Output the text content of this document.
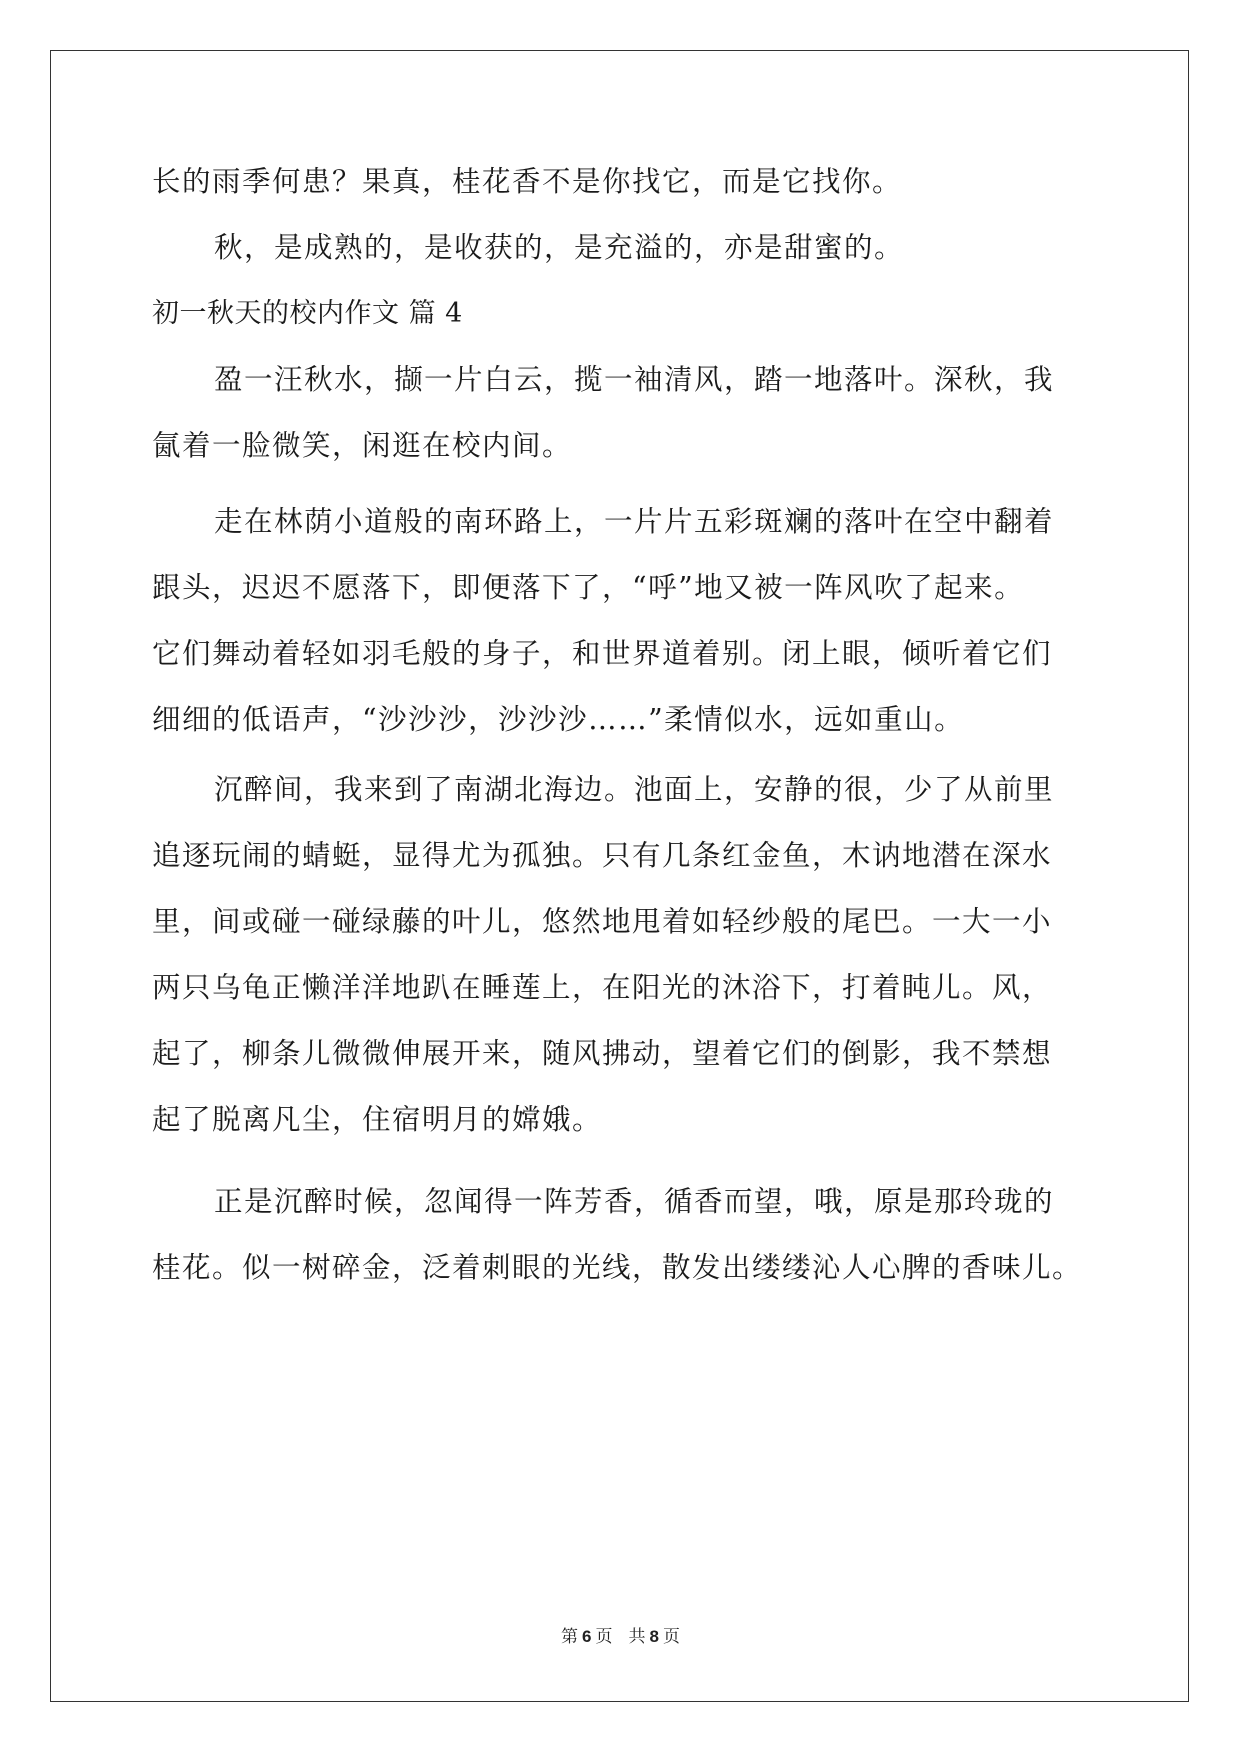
长的雨季何患？果真，桂花香不是你找它，而是它找你。
秋，是成熟的，是收获的，是充溢的，亦是甜蜜的。
初一秋天的校内作文 篇 4
盈一汪秋水，撷一片白云，揽一袖清风，踏一地落叶。深秋，我
氤着一脸微笑，闲逛在校内间。
走在林荫小道般的南环路上，一片片五彩斑斓的落叶在空中翻着
跟头，迟迟不愿落下，即便落下了，“呼”地又被一阵风吹了起来。
它们舞动着轻如羽毛般的身子，和世界道着别。闭上眼，倾听着它们
细细的低语声，“沙沙沙，沙沙沙……”柔情似水，远如重山。
沉醉间，我来到了南湖北海边。池面上，安静的很，少了从前里
追逐玩闹的蜻蜓，显得尤为孤独。只有几条红金鱼，木讷地潜在深水
里，间或碰一碰绿藤的叶儿，悠然地甩着如轻纱般的尾巴。一大一小
两只乌龟正懒洋洋地趴在睡莲上，在阳光的沐浴下，打着盹儿。风，
起了，柳条儿微微伸展开来，随风拂动，望着它们的倒影，我不禁想
起了脱离凡尘，住宿明月的嫦娥。
正是沉醉时候，忽闻得一阵芳香，循香而望，哦，原是那玲珑的
桂花。似一树碎金，泛着刺眼的光线，散发出缕缕沁人心脾的香味儿。
第 6 页 共 8 页
